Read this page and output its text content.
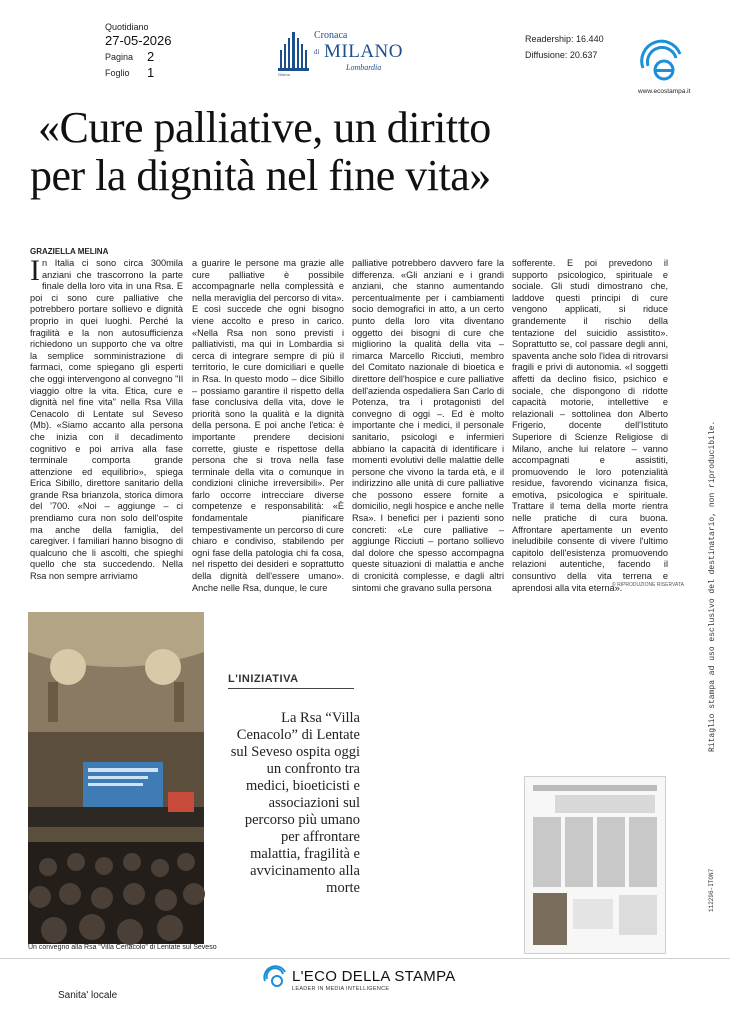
Quotidiano
27-05-2026
Pagina 2
Foglio 1	Giorno
Cronaca
di MILANO
Lombardia
Readership: 16.440
Diffusione: 20.637
www.ecostampa.it
«Cure palliative, un diritto
per la dignità nel fine vita»
GRAZIELLA MELINA

In Italia ci sono circa 300mila anziani che trascorrono la parte finale della loro vita in una Rsa. E poi ci sono cure palliative che potrebbero portare sollievo e dignità proprio in quei luoghi. Perché la fragilità e la non autosufficienza richiedono un supporto che va oltre la semplice somministrazione di farmaci, come spiegano gli esperti che oggi intervengono al convegno "Il viaggio oltre la vita. Etica, cure e dignità nel fine vita" nella Rsa Villa Cenacolo di Lentate sul Seveso (Mb). «Siamo accanto alla persona che inizia con il decadimento cognitivo e poi arriva alla fase terminale comporta grande attenzione ed equilibrio», spiega Erica Sibillo, direttore sanitario della grande Rsa brianzola, storica dimora del '700. «Noi – aggiunge – ci prendiamo cura non solo dell'ospite ma anche della famiglia, del caregiver. I familiari hanno bisogno di qualcuno che li ascolti, che spieghi quello che sta succedendo. Nella Rsa non sempre arriviamo

a guarire le persone ma grazie alle cure palliative è possibile accompagnarle nella complessità e nella meraviglia del percorso di vita». E così succede che ogni bisogno viene accolto e preso in carico. «Nella Rsa non sono previsti i palliativisti, ma qui in Lombardia si cerca di integrare sempre di più il territorio, le cure domiciliari e quelle in Rsa. In questo modo – dice Sibillo – possiamo garantire il rispetto della fase conclusiva della vita, dove le priorità sono la qualità e la dignità della persona. E poi anche l'etica: è importante prendere decisioni corrette, giuste e rispettose della persona che si trova nella fase terminale della vita o comunque in condizioni cliniche irreversibili». Per farlo occorre intrecciare diverse competenze e responsabilità: «È fondamentale pianificare tempestivamente un percorso di cure chiaro e condiviso, stabilendo per ogni fase della patologia chi fa cosa, nel rispetto dei desideri e soprattutto della dignità dell'essere umano». Anche nelle Rsa, dunque, le cure

palliative potrebbero davvero fare la differenza. «Gli anziani e i grandi anziani, che stanno aumentando percentualmente per i cambiamenti socio demografici in atto, a un certo punto della loro vita diventano oggetto dei bisogni di cure che migliorino la qualità della vita – rimarca Marcello Ricciuti, membro del Comitato nazionale di bioetica e direttore dell'hospice e cure palliative dell'azienda ospedaliera San Carlo di Potenza, tra i protagonisti del convegno di oggi –. Ed è molto importante che i medici, il personale sanitario, psicologi e infermieri abbiano la capacità di identificare i momenti evolutivi delle malattie delle persone che vivono la tarda età, e il indirizzino alle unità di cure palliative che possono essere fornite a domicilio, negli hospice e anche nelle Rsa». I benefici per i pazienti sono concreti: «Le cure palliative – aggiunge Ricciuti – portano sollievo dal dolore che spesso accompagna queste situazioni di malattia e anche di cronicità complesse, e dagli altri sintomi che gravano sulla persona

sofferente. E poi prevedono il supporto psicologico, spirituale e sociale. Gli studi dimostrano che, laddove questi principi di cure vengono applicati, si riduce grandemente il rischio della tentazione del suicidio assistito». Soprattutto se, col passare degli anni, spaventa anche solo l'idea di ritrovarsi fragili e privi di autonomia. «I soggetti affetti da declino fisico, psichico e sociale, che dispongono di ridotte capacità motorie, intellettive e relazionali – sottolinea don Alberto Frigerio, docente dell'Istituto Superiore di Scienze Religiose di Milano, anche lui relatore – vanno accompagnati e assistiti, promuovendo le loro potenzialità residue, favorendo vicinanza fisica, emotiva, psicologica e spirituale. Trattare il tema della morte rientra nelle pratiche di cura buona. Affrontare apertamente un evento ineludibile consente di vivere l'ultimo capitolo dell'esistenza promuovendo relazioni autentiche, facendo il consuntivo della vita terrena e aprendosi alla vita eterna».

© RIPRODUZIONE RISERVATA
Un convegno alla Rsa “Villa Cenacolo” di Lentate sul Seveso
L'INIZIATIVA
La Rsa “Villa Cenacolo” di Lentate sul Seveso ospita oggi un confronto tra medici, bioeticisti e associazioni sul percorso più umano per affrontare malattia, fragilità e avvicinamento alla morte
Ritaglio stampa ad uso esclusivo del destinatario, non riproducibile.
112296-ITON7
L'ECO DELLA STAMPA
LEADER IN MEDIA INTELLIGENCE
Sanita' locale
